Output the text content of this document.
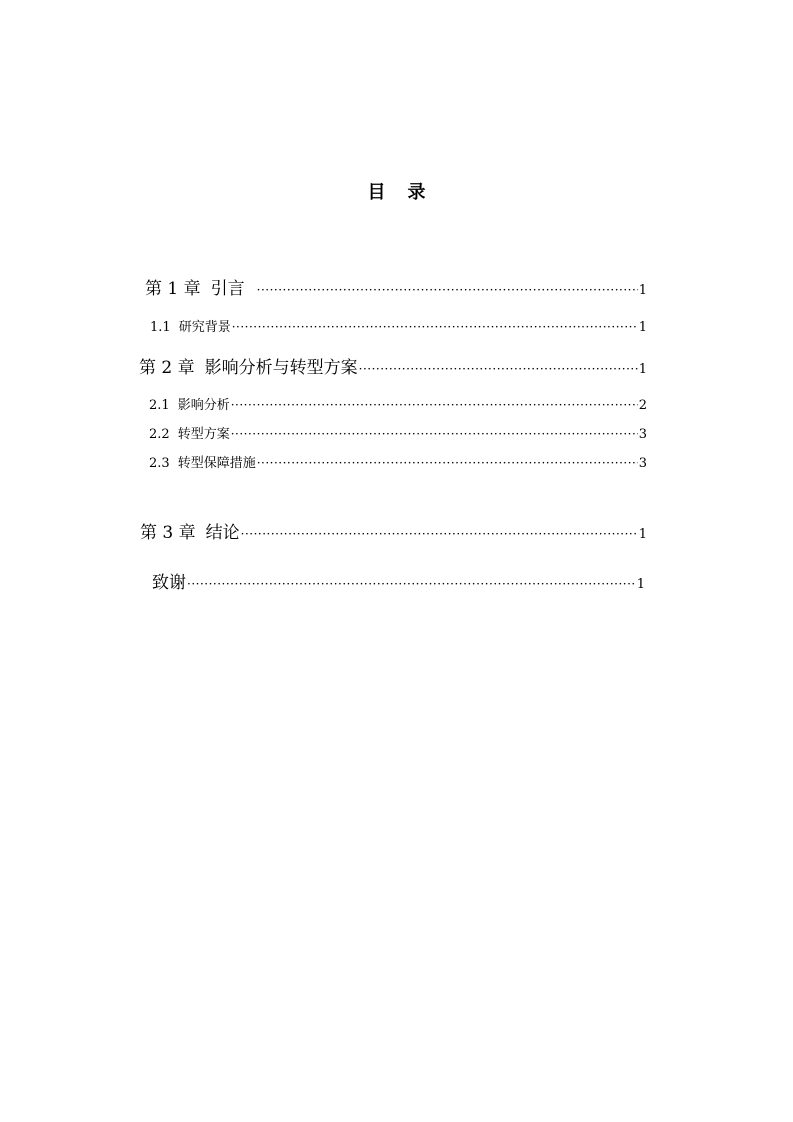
目 录
第 1 章 引言 ·····	1
1.1 研究背景 ·····	1
第 2 章 影响分析与转型方案 ·····	1
2.1 影响分析 ·····	2
2.2 转型方案 ·····	3
2.3 转型保障措施 ·····	3
第 3 章 结论 ·····	1
致谢 ·····	1
